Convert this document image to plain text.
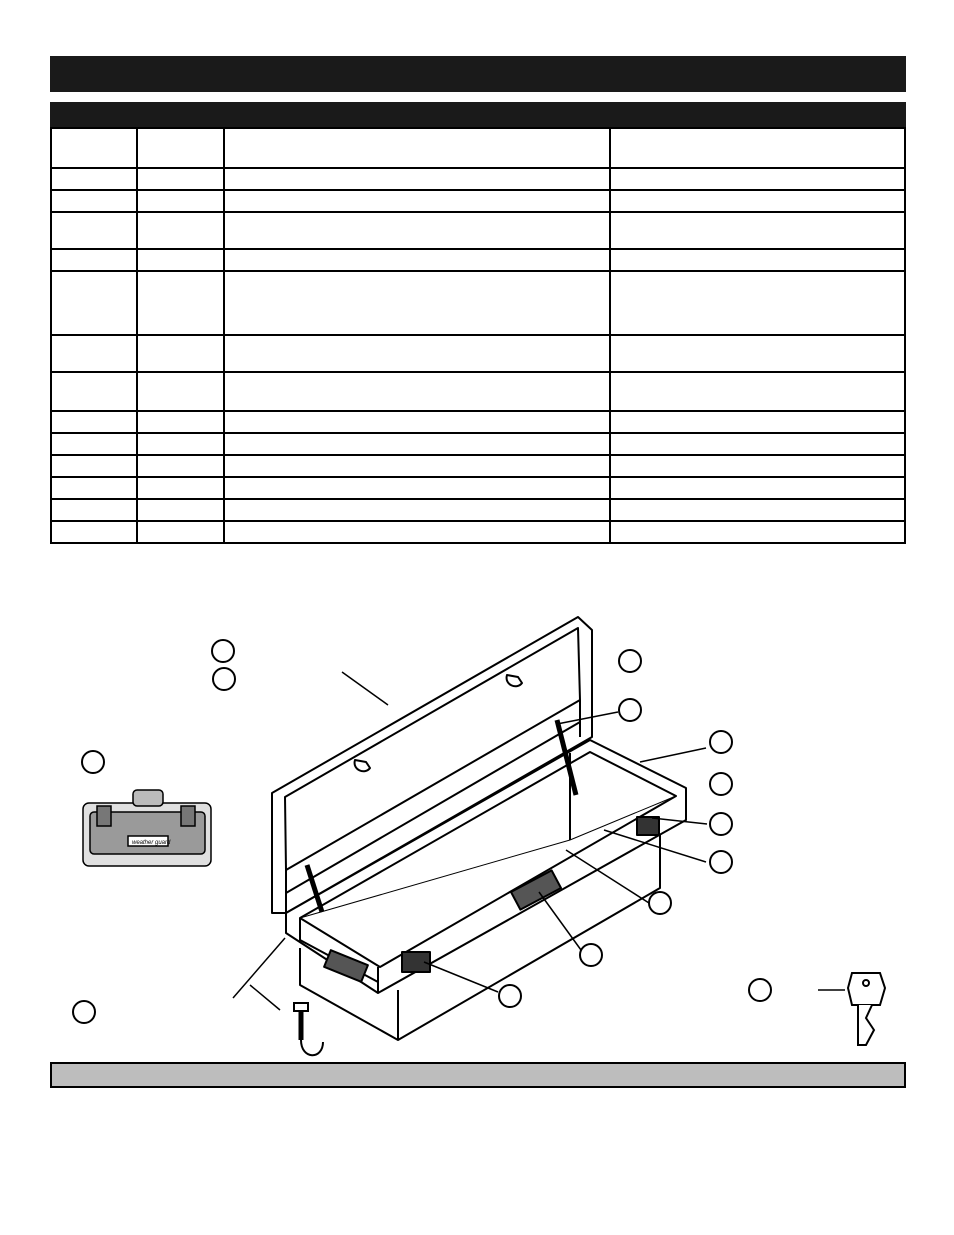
weather guard
